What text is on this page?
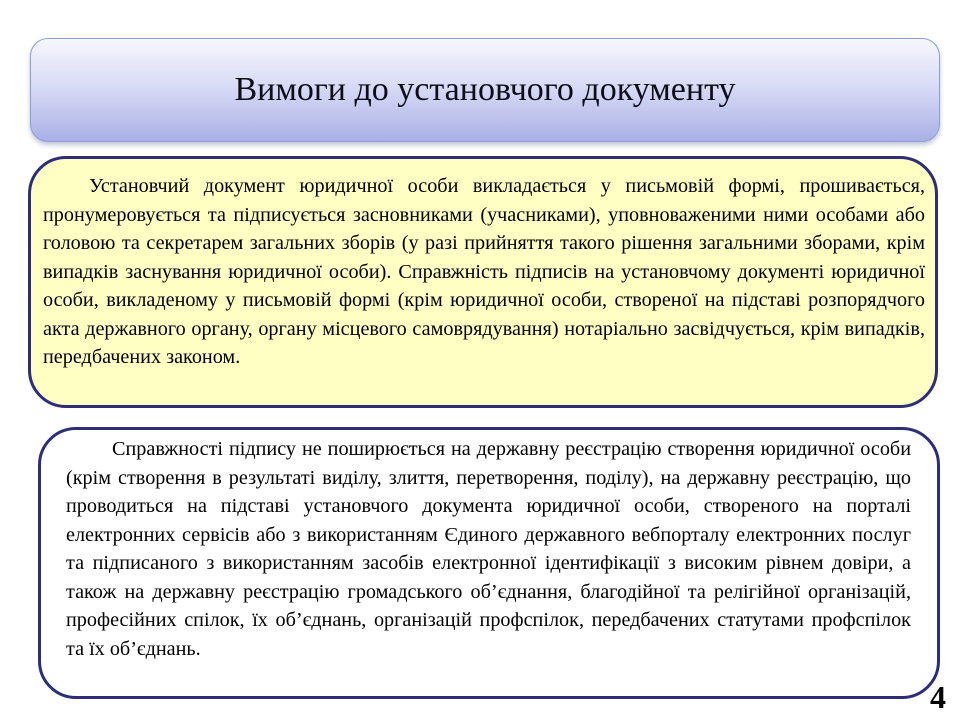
Вимоги до установчого документу

Установчий документ юридичної особи викладається у письмовій формі, прошивається, пронумеровується та підписується засновниками (учасниками), уповноваженими ними особами або головою та секретарем загальних зборів (у разі прийняття такого рішення загальними зборами, крім випадків заснування юридичної особи). Справжність підписів на установчому документі юридичної особи, викладеному у письмовій формі (крім юридичної особи, створеної на підставі розпорядчого акта державного органу, органу місцевого самоврядування) нотаріально засвідчується, крім випадків, передбачених законом.

Справжності підпису не поширюється на державну реєстрацію створення юридичної особи (крім створення в результаті виділу, злиття, перетворення, поділу), на державну реєстрацію, що проводиться на підставі установчого документа юридичної особи, створеного на порталі електронних сервісів або з використанням Єдиного державного вебпорталу електронних послуг та підписаного з використанням засобів електронної ідентифікації з високим рівнем довіри, а також на державну реєстрацію громадського об’єднання, благодійної та релігійної організацій, професійних спілок, їх об’єднань, організацій профспілок, передбачених статутами профспілок та їх об’єднань.

4
